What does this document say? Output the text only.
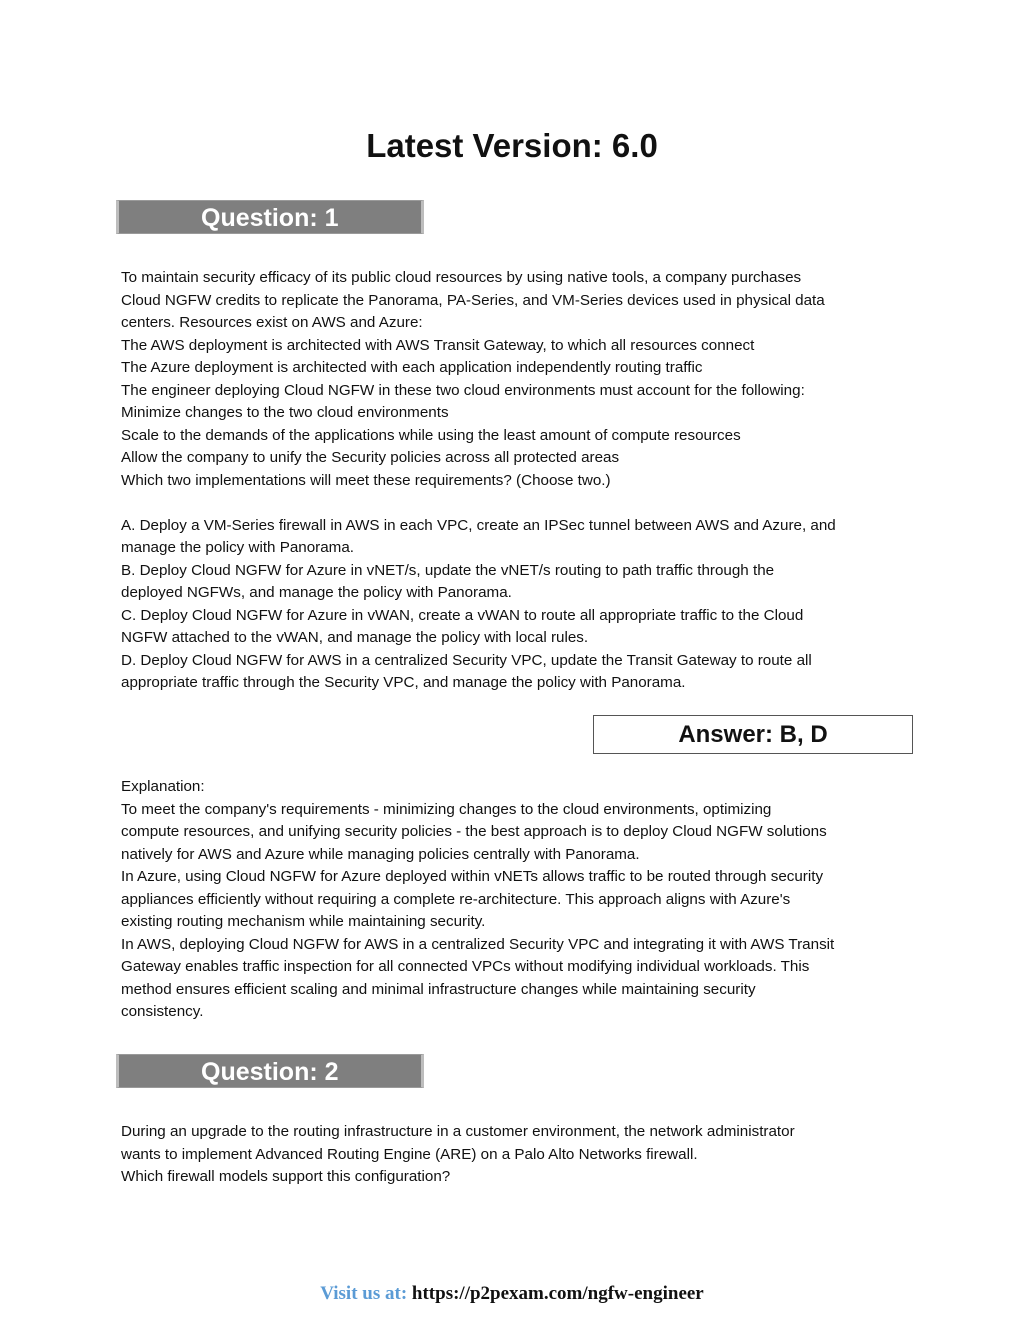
Latest Version: 6.0
Question: 1
To maintain security efficacy of its public cloud resources by using native tools, a company purchases
Cloud NGFW credits to replicate the Panorama, PA-Series, and VM-Series devices used in physical data
centers. Resources exist on AWS and Azure:
The AWS deployment is architected with AWS Transit Gateway, to which all resources connect
The Azure deployment is architected with each application independently routing traffic
The engineer deploying Cloud NGFW in these two cloud environments must account for the following:
Minimize changes to the two cloud environments
Scale to the demands of the applications while using the least amount of compute resources
Allow the company to unify the Security policies across all protected areas
Which two implementations will meet these requirements? (Choose two.)
A. Deploy a VM-Series firewall in AWS in each VPC, create an IPSec tunnel between AWS and Azure, and
manage the policy with Panorama.
B. Deploy Cloud NGFW for Azure in vNET/s, update the vNET/s routing to path traffic through the
deployed NGFWs, and manage the policy with Panorama.
C. Deploy Cloud NGFW for Azure in vWAN, create a vWAN to route all appropriate traffic to the Cloud
NGFW attached to the vWAN, and manage the policy with local rules.
D. Deploy Cloud NGFW for AWS in a centralized Security VPC, update the Transit Gateway to route all
appropriate traffic through the Security VPC, and manage the policy with Panorama.
Answer: B, D
Explanation:
To meet the company's requirements - minimizing changes to the cloud environments, optimizing
compute resources, and unifying security policies - the best approach is to deploy Cloud NGFW solutions
natively for AWS and Azure while managing policies centrally with Panorama.
In Azure, using Cloud NGFW for Azure deployed within vNETs allows traffic to be routed through security
appliances efficiently without requiring a complete re-architecture. This approach aligns with Azure's
existing routing mechanism while maintaining security.
In AWS, deploying Cloud NGFW for AWS in a centralized Security VPC and integrating it with AWS Transit
Gateway enables traffic inspection for all connected VPCs without modifying individual workloads. This
method ensures efficient scaling and minimal infrastructure changes while maintaining security
consistency.
Question: 2
During an upgrade to the routing infrastructure in a customer environment, the network administrator
wants to implement Advanced Routing Engine (ARE) on a Palo Alto Networks firewall.
Which firewall models support this configuration?
Visit us at: https://p2pexam.com/ngfw-engineer
